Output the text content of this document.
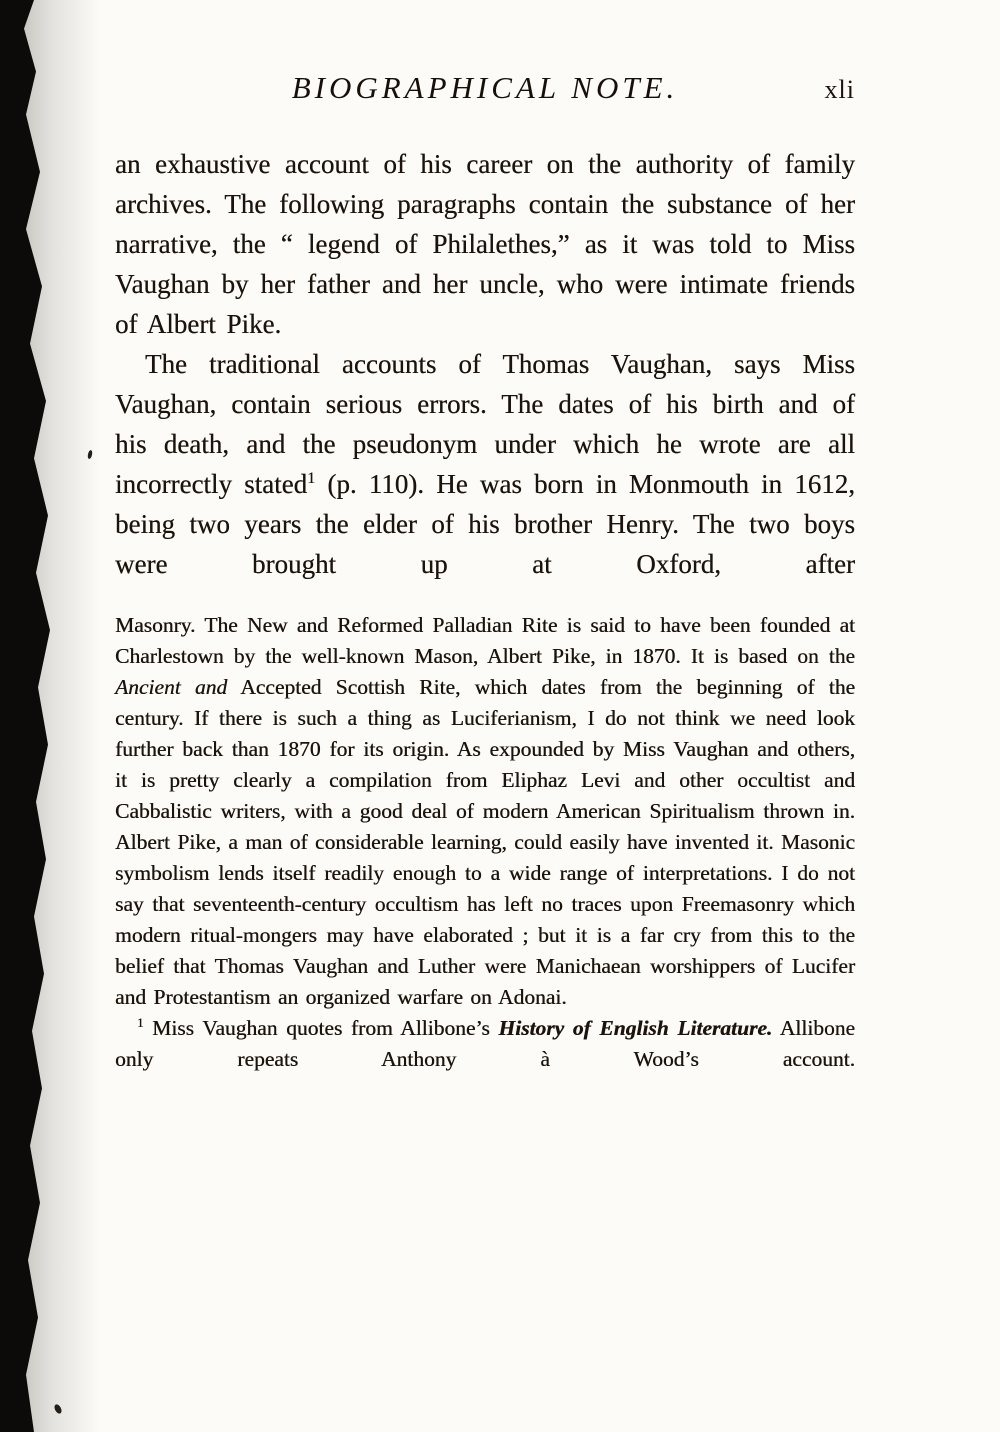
BIOGRAPHICAL NOTE.	xli

an exhaustive account of his career on the authority of family archives. The following paragraphs contain the substance of her narrative, the “ legend of Philalethes,” as it was told to Miss Vaughan by her father and her uncle, who were intimate friends of Albert Pike.

The traditional accounts of Thomas Vaughan, says Miss Vaughan, contain serious errors. The dates of his birth and of his death, and the pseudonym under which he wrote are all incorrectly stated$^1$ (p. 110). He was born in Monmouth in 1612, being two years the elder of his brother Henry. The two boys were brought up at Oxford, after

Masonry. The New and Reformed Palladian Rite is said to have been founded at Charlestown by the well-known Mason, Albert Pike, in 1870. It is based on the Ancient and Accepted Scottish Rite, which dates from the beginning of the century. If there is such a thing as Luciferianism, I do not think we need look further back than 1870 for its origin. As expounded by Miss Vaughan and others, it is pretty clearly a compilation from Eliphaz Levi and other occultist and Cabbalistic writers, with a good deal of modern American Spiritualism thrown in. Albert Pike, a man of considerable learning, could easily have invented it. Masonic symbolism lends itself readily enough to a wide range of interpretations. I do not say that seventeenth-century occultism has left no traces upon Freemasonry which modern ritual-mongers may have elaborated ; but it is a far cry from this to the belief that Thomas Vaughan and Luther were Manichaean worshippers of Lucifer and Protestantism an organized warfare on Adonai.

$^1$ Miss Vaughan quotes from Allibone’s History of English Literature. Allibone only repeats Anthony à Wood’s account.
